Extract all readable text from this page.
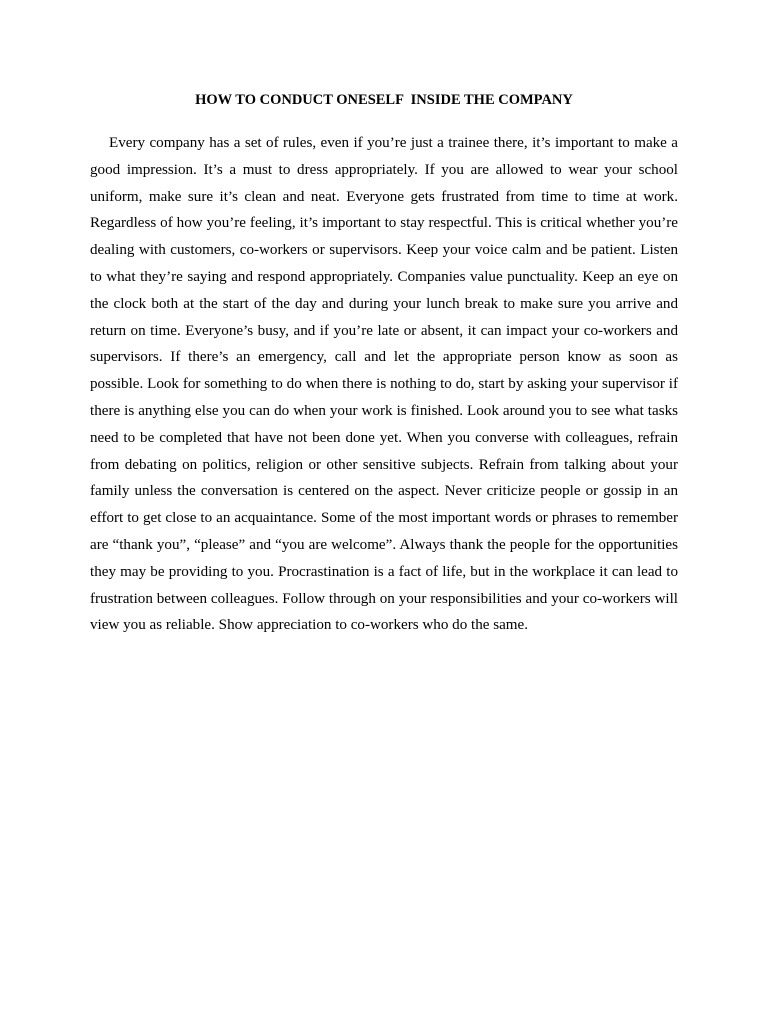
HOW TO CONDUCT ONESELF  INSIDE THE COMPANY

Every company has a set of rules, even if you’re just a trainee there, it’s important to make a good impression. It’s a must to dress appropriately. If you are allowed to wear your school uniform, make sure it’s clean and neat. Everyone gets frustrated from time to time at work. Regardless of how you’re feeling, it’s important to stay respectful. This is critical whether you’re dealing with customers, co-workers or supervisors. Keep your voice calm and be patient. Listen to what they’re saying and respond appropriately. Companies value punctuality. Keep an eye on the clock both at the start of the day and during your lunch break to make sure you arrive and return on time. Everyone’s busy, and if you’re late or absent, it can impact your co-workers and supervisors. If there’s an emergency, call and let the appropriate person know as soon as possible. Look for something to do when there is nothing to do, start by asking your supervisor if there is anything else you can do when your work is finished. Look around you to see what tasks need to be completed that have not been done yet. When you converse with colleagues, refrain from debating on politics, religion or other sensitive subjects. Refrain from talking about your family unless the conversation is centered on the aspect. Never criticize people or gossip in an effort to get close to an acquaintance. Some of the most important words or phrases to remember are “thank you”, “please” and “you are welcome”. Always thank the people for the opportunities they may be providing to you. Procrastination is a fact of life, but in the workplace it can lead to frustration between colleagues. Follow through on your responsibilities and your co-workers will view you as reliable. Show appreciation to co-workers who do the same.
